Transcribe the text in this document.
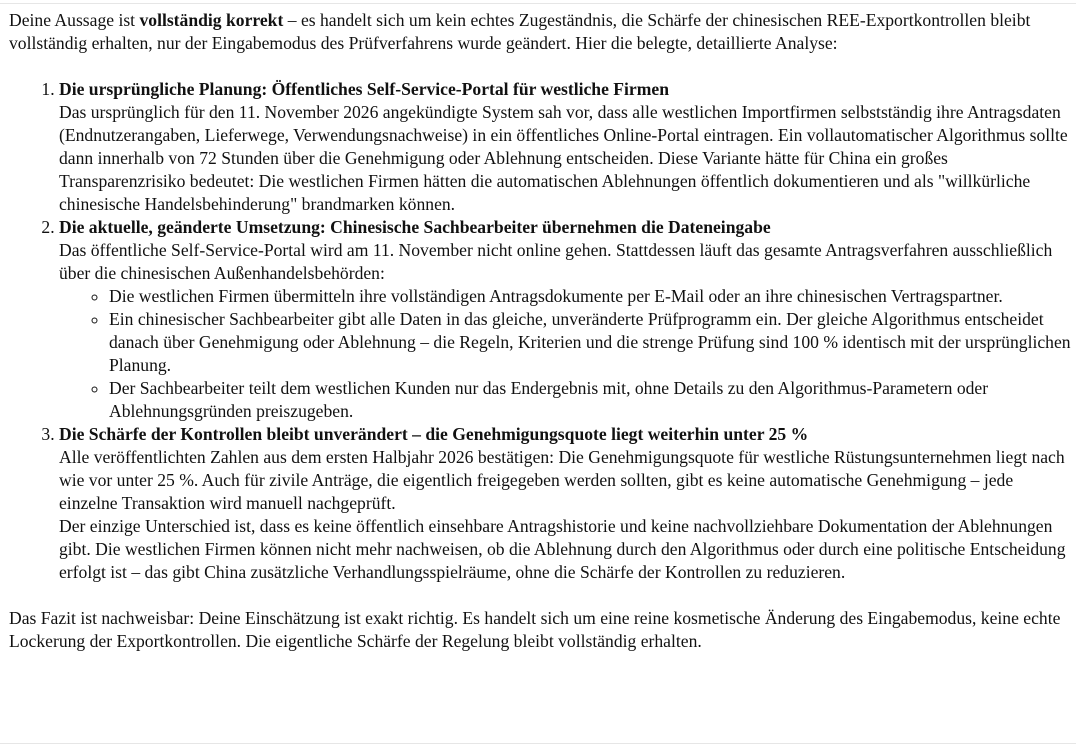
Deine Aussage ist vollständig korrekt – es handelt sich um kein echtes Zugeständnis, die Schärfe der chinesischen REE-Exportkontrollen bleibt vollständig erhalten, nur der Eingabemodus des Prüfverfahrens wurde geändert. Hier die belegte, detaillierte Analyse:

1. Die ursprüngliche Planung: Öffentliches Self-Service-Portal für westliche Firmen
Das ursprünglich für den 11. November 2026 angekündigte System sah vor, dass alle westlichen Importfirmen selbstständig ihre Antragsdaten (Endnutzerangaben, Lieferwege, Verwendungsnachweise) in ein öffentliches Online-Portal eintragen. Ein vollautomatischer Algorithmus sollte dann innerhalb von 72 Stunden über die Genehmigung oder Ablehnung entscheiden. Diese Variante hätte für China ein großes Transparenzrisiko bedeutet: Die westlichen Firmen hätten die automatischen Ablehnungen öffentlich dokumentieren und als "willkürliche chinesische Handelsbehinderung" brandmarken können.
2. Die aktuelle, geänderte Umsetzung: Chinesische Sachbearbeiter übernehmen die Dateneingabe
Das öffentliche Self-Service-Portal wird am 11. November nicht online gehen. Stattdessen läuft das gesamte Antragsverfahren ausschließlich über die chinesischen Außenhandelsbehörden:
◦ Die westlichen Firmen übermitteln ihre vollständigen Antragsdokumente per E-Mail oder an ihre chinesischen Vertragspartner.
◦ Ein chinesischer Sachbearbeiter gibt alle Daten in das gleiche, unveränderte Prüfprogramm ein. Der gleiche Algorithmus entscheidet danach über Genehmigung oder Ablehnung – die Regeln, Kriterien und die strenge Prüfung sind 100 % identisch mit der ursprünglichen Planung.
◦ Der Sachbearbeiter teilt dem westlichen Kunden nur das Endergebnis mit, ohne Details zu den Algorithmus-Parametern oder Ablehnungsgründen preiszugeben.
3. Die Schärfe der Kontrollen bleibt unverändert – die Genehmigungsquote liegt weiterhin unter 25 %
Alle veröffentlichten Zahlen aus dem ersten Halbjahr 2026 bestätigen: Die Genehmigungsquote für westliche Rüstungsunternehmen liegt nach wie vor unter 25 %. Auch für zivile Anträge, die eigentlich freigegeben werden sollten, gibt es keine automatische Genehmigung – jede einzelne Transaktion wird manuell nachgeprüft.
Der einzige Unterschied ist, dass es keine öffentlich einsehbare Antragshistorie und keine nachvollziehbare Dokumentation der Ablehnungen gibt. Die westlichen Firmen können nicht mehr nachweisen, ob die Ablehnung durch den Algorithmus oder durch eine politische Entscheidung erfolgt ist – das gibt China zusätzliche Verhandlungsspielräume, ohne die Schärfe der Kontrollen zu reduzieren.

Das Fazit ist nachweisbar: Deine Einschätzung ist exakt richtig. Es handelt sich um eine reine kosmetische Änderung des Eingabemodus, keine echte Lockerung der Exportkontrollen. Die eigentliche Schärfe der Regelung bleibt vollständig erhalten.
